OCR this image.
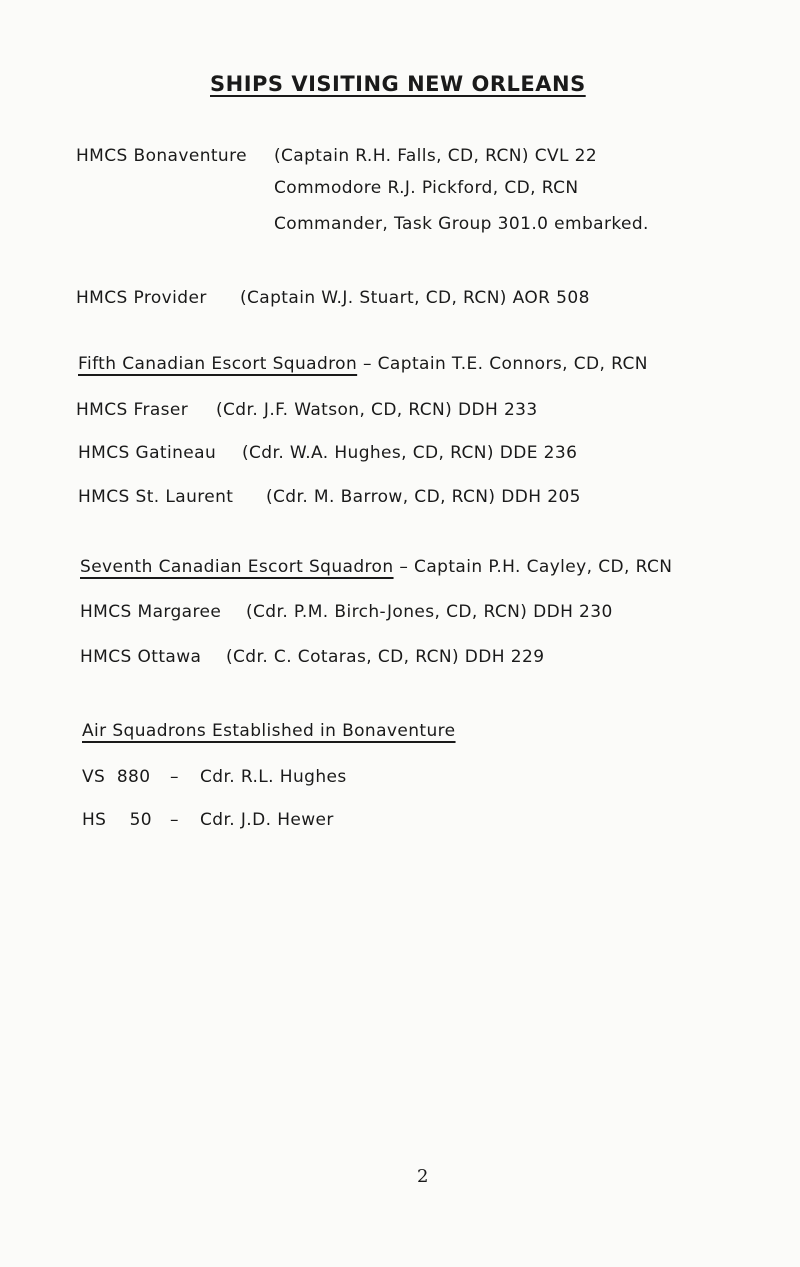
SHIPS VISITING NEW ORLEANS
HMCS Bonaventure (Captain R.H. Falls, CD, RCN) CVL 22
Commodore R.J. Pickford, CD, RCN
Commander, Task Group 301.0 embarked.
HMCS Provider (Captain W.J. Stuart, CD, RCN) AOR 508
Fifth Canadian Escort Squadron – Captain T.E. Connors, CD, RCN
HMCS Fraser (Cdr. J.F. Watson, CD, RCN) DDH 233
HMCS Gatineau (Cdr. W.A. Hughes, CD, RCN) DDE 236
HMCS St. Laurent (Cdr. M. Barrow, CD, RCN) DDH 205
Seventh Canadian Escort Squadron – Captain P.H. Cayley, CD, RCN
HMCS Margaree (Cdr. P.M. Birch-Jones, CD, RCN) DDH 230
HMCS Ottawa (Cdr. C. Cotaras, CD, RCN) DDH 229
Air Squadrons Established in Bonaventure
VS  880 – Cdr. R.L. Hughes
HS    50 – Cdr. J.D. Hewer
2
